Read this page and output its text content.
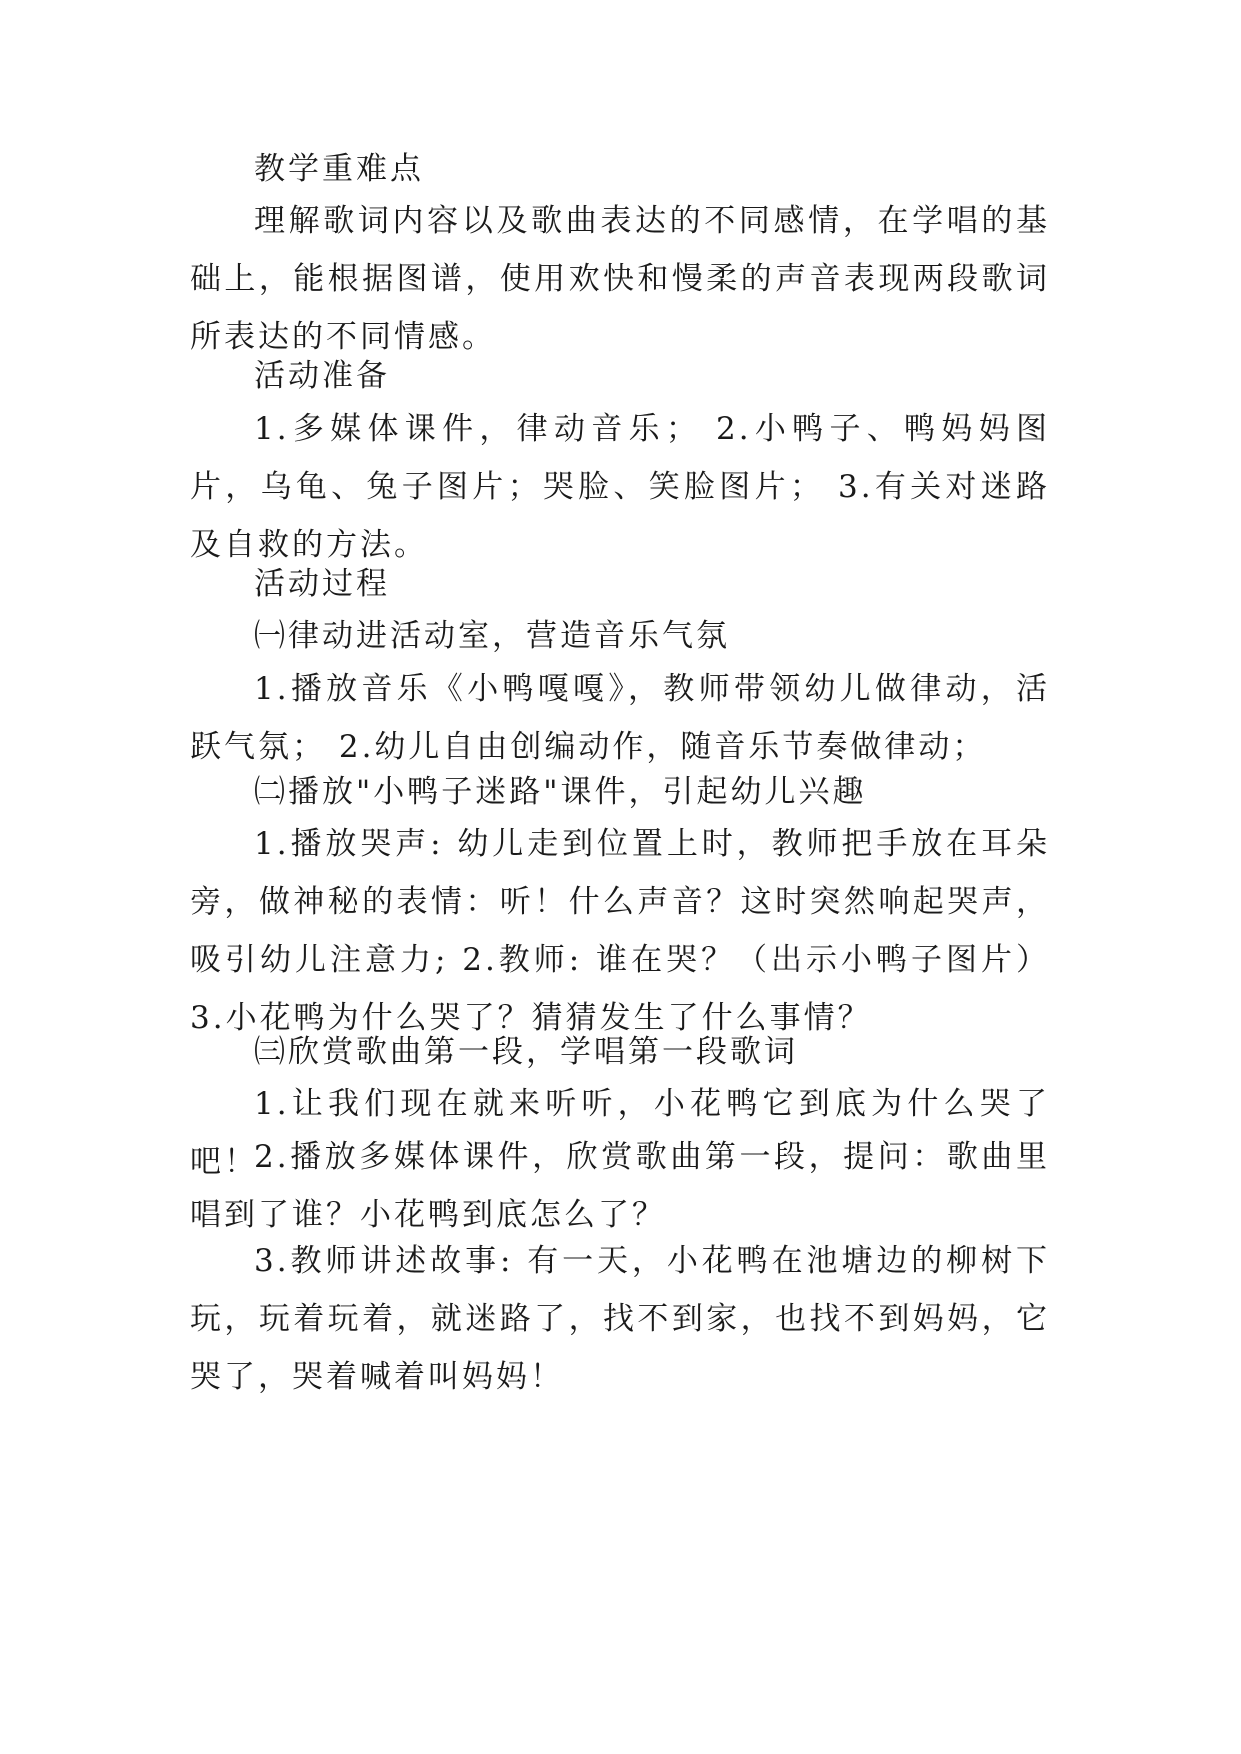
教学重难点

理解歌词内容以及歌曲表达的不同感情，在学唱的基础上，能根据图谱，使用欢快和慢柔的声音表现两段歌词所表达的不同情感。

活动准备

1.多媒体课件，律动音乐； 2.小鸭子、鸭妈妈图片，乌龟、兔子图片；哭脸、笑脸图片； 3.有关对迷路及自救的方法。

活动过程

㈠律动进活动室，营造音乐气氛

1.播放音乐《小鸭嘎嘎》，教师带领幼儿做律动，活跃气氛； 2.幼儿自由创编动作，随音乐节奏做律动；

㈡播放"小鸭子迷路"课件，引起幼儿兴趣

1.播放哭声: 幼儿走到位置上时，教师把手放在耳朵旁，做神秘的表情：听！什么声音？这时突然响起哭声，吸引幼儿注意力; 2.教师: 谁在哭？（出示小鸭子图片） 3.小花鸭为什么哭了？猜猜发生了什么事情？

㈢欣赏歌曲第一段，学唱第一段歌词

1.让我们现在就来听听，小花鸭它到底为什么哭了吧！

2.播放多媒体课件，欣赏歌曲第一段，提问：歌曲里唱到了谁？小花鸭到底怎么了？

3.教师讲述故事: 有一天，小花鸭在池塘边的柳树下玩，玩着玩着，就迷路了，找不到家，也找不到妈妈，它哭了，哭着喊着叫妈妈！
